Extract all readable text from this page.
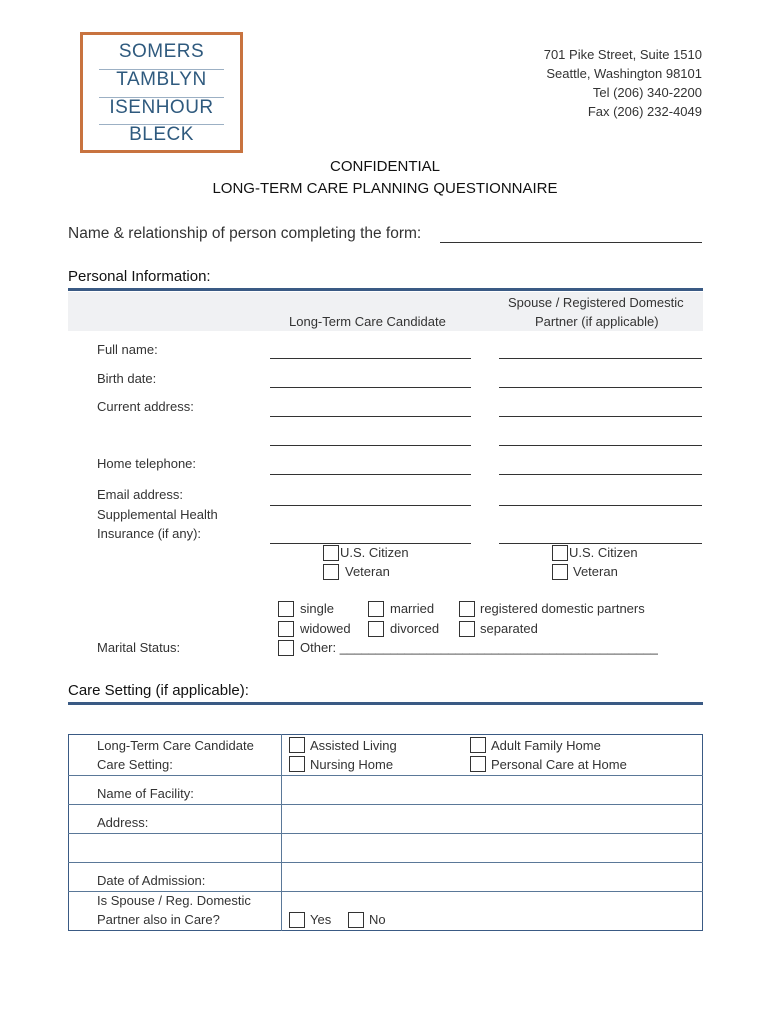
SOMERS
TAMBLYN
ISENHOUR
BLECK
701 Pike Street, Suite 1510
Seattle, Washington 98101
Tel (206) 340-2200
Fax (206) 232-4049
CONFIDENTIAL
LONG-TERM CARE PLANNING QUESTIONNAIRE
Name & relationship of person completing the form:
Personal Information:
Long-Term Care Candidate
Spouse / Registered Domestic
Partner (if applicable)
Full name:
Birth date:
Current address:
Home telephone:
Email address:
Supplemental Health
Insurance (if any):
U.S. Citizen
Veteran
U.S. Citizen
Veteran
single	married	registered domestic partners
widowed	divorced	separated
Marital Status:	Other: ____________________________________________
Care Setting (if applicable):
Long-Term Care Candidate
Care Setting:
Assisted Living
Nursing Home
Adult Family Home
Personal Care at Home
Name of Facility:
Address:
Date of Admission:
Is Spouse / Reg. Domestic
Partner also in Care?	Yes	No
